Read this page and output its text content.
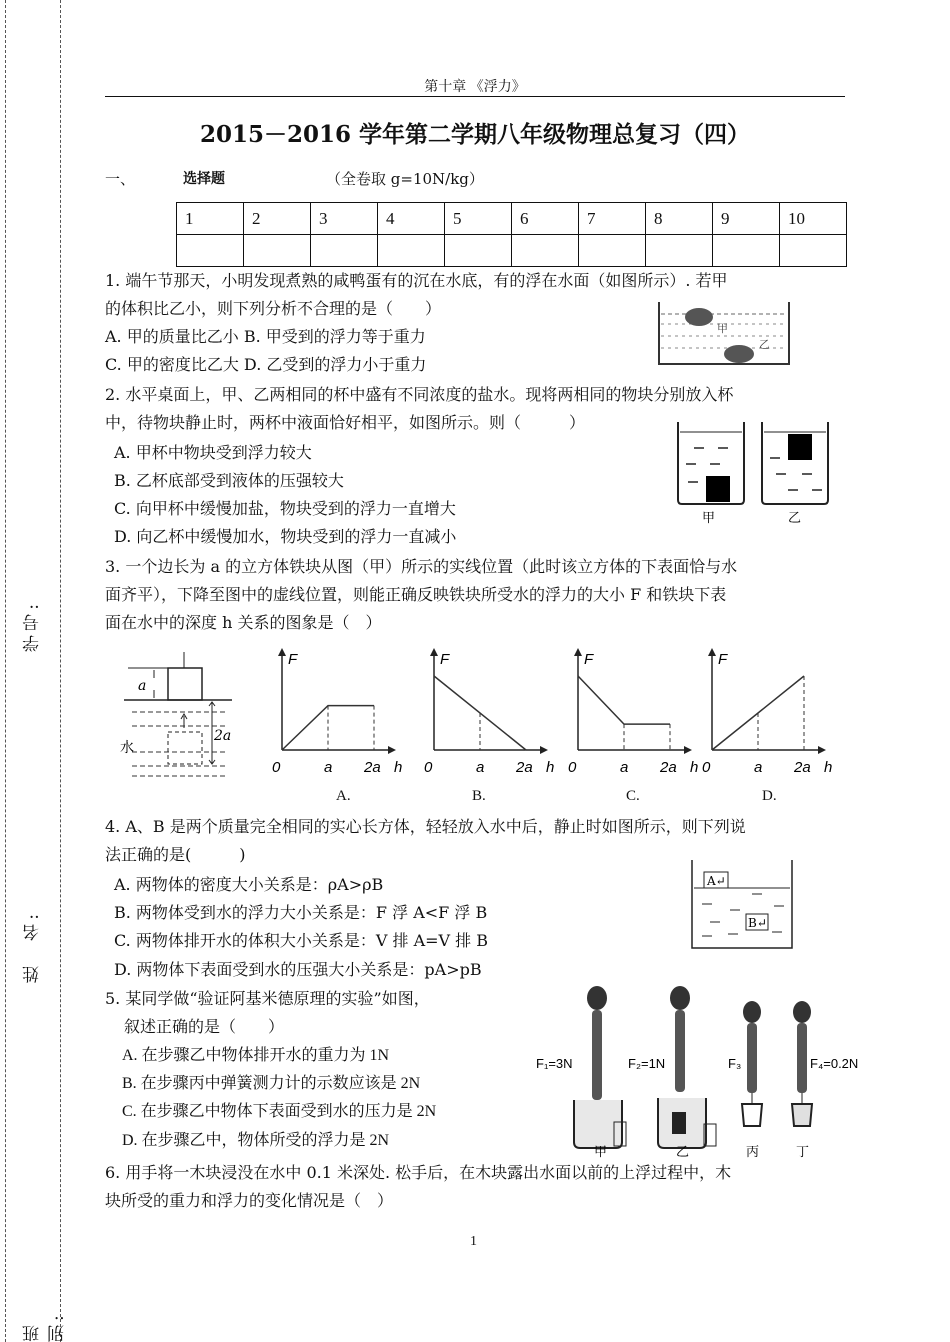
学号:
姓　名:
班　别:
第十章 《浮力》
2015－2016 学年第二学期八年级物理总复习（四）
一、	选择题	（全卷取 g=10N/kg）
1	2	3	4	5	6	7	8	9	10

1. 端午节那天，小明发现煮熟的咸鸭蛋有的沉在水底，有的浮在水面（如图所示）. 若甲
的体积比乙小，则下列分析不合理的是（　　）
A. 甲的质量比乙小 B. 甲受到的浮力等于重力
C. 甲的密度比乙大 D. 乙受到的浮力小于重力
甲
乙
2. 水平桌面上，甲、乙两相同的杯中盛有不同浓度的盐水。现将两相同的物块分别放入杯
中，待物块静止时，两杯中液面恰好相平，如图所示。则（　　　）
A. 甲杯中物块受到浮力较大
B. 乙杯底部受到液体的压强较大
C. 向甲杯中缓慢加盐，物块受到的浮力一直增大
D. 向乙杯中缓慢加水，物块受到的浮力一直减小
甲	乙
3. 一个边长为 a 的立方体铁块从图（甲）所示的实线位置（此时该立方体的下表面恰与水
面齐平），下降至图中的虚线位置，则能正确反映铁块所受水的浮力的大小 F 和铁块下表
面在水中的深度 h 关系的图象是（　）
a
2a
水
F
0	a 2a h
F
0	a 2a h
F
0	a 2a h
F
0	a 2a h
A.	B.	C.	D.
4. A、B 是两个质量完全相同的实心长方体，轻轻放入水中后，静止时如图所示，则下列说
法正确的是(　　　)
A. 两物体的密度大小关系是：ρA>ρB
B. 两物体受到水的浮力大小关系是：F 浮 A<F 浮 B
C. 两物体排开水的体积大小关系是：V 排 A=V 排 B
D. 两物体下表面受到水的压强大小关系是：pA>pB
A↵
B↵
5. 某同学做“验证阿基米德原理的实验”如图，
叙述正确的是（　　）
A. 在步骤乙中物体排开水的重力为 1N
B. 在步骤丙中弹簧测力计的示数应该是 2N
C. 在步骤乙中物体下表面受到水的压力是 2N
D. 在步骤乙中，物体所受的浮力是 2N
F₁=3N	F₂=1N	F₃	F₄=0.2N
甲	乙	丙	丁
6. 用手将一木块浸没在水中 0.1 米深处. 松手后，在木块露出水面以前的上浮过程中，木
块所受的重力和浮力的变化情况是（　）
1
